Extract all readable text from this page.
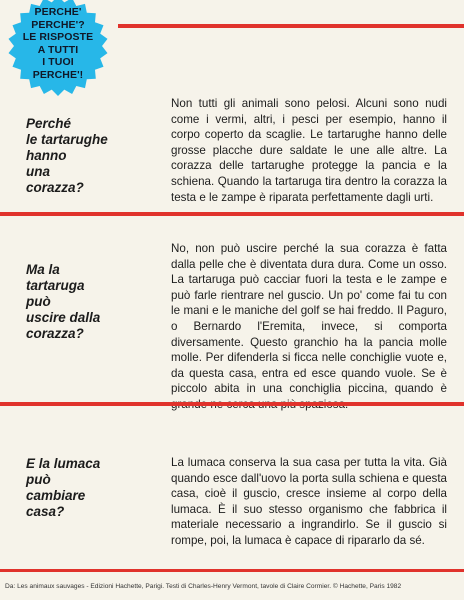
PERCHE'
PERCHE'?
LE RISPOSTE
A TUTTI
I TUOI
PERCHE'!
Perché
le tartarughe
hanno
una
corazza?
Non tutti gli animali sono pelosi. Alcuni sono nudi come i vermi, altri, i pesci per esempio, hanno il corpo coperto da scaglie. Le tartarughe hanno delle grosse placche dure saldate le une alle altre. La corazza delle tartarughe protegge la pancia e la schiena. Quando la tartaruga tira dentro la corazza la testa e le zampe è riparata perfettamente dagli urti.
Ma la
tartaruga
può
uscire dalla
corazza?
No, non può uscire perché la sua corazza è fatta dalla pelle che è diventata dura dura. Come un osso. La tartaruga può cacciar fuori la testa e le zampe e può farle rientrare nel guscio. Un po' come fai tu con le mani e le maniche del golf se hai freddo. Il Paguro, o Bernardo l'Eremita, invece, si comporta diversamente. Questo granchio ha la pancia molle molle. Per difenderla si ficca nelle conchiglie vuote e, da questa casa, entra ed esce quando vuole. Se è piccolo abita in una conchiglia piccina, quando è
E la lumaca
può
cambiare
casa?
La lumaca conserva la sua casa per tutta la vita. Già quando esce dall'uovo la porta sulla schiena e questa casa, cioè il guscio, cresce insieme al corpo della lumaca. È il suo stesso organismo che fabbrica il materiale necessario a ingrandirlo. Se il guscio si rompe, poi, la lumaca è capace di ripararlo da sé.
Da: Les animaux sauvages - Edizioni Hachette, Parigi. Testi di Charles-Henry Vermont, tavole di Claire Cormier. © Hachette, Paris 1982
